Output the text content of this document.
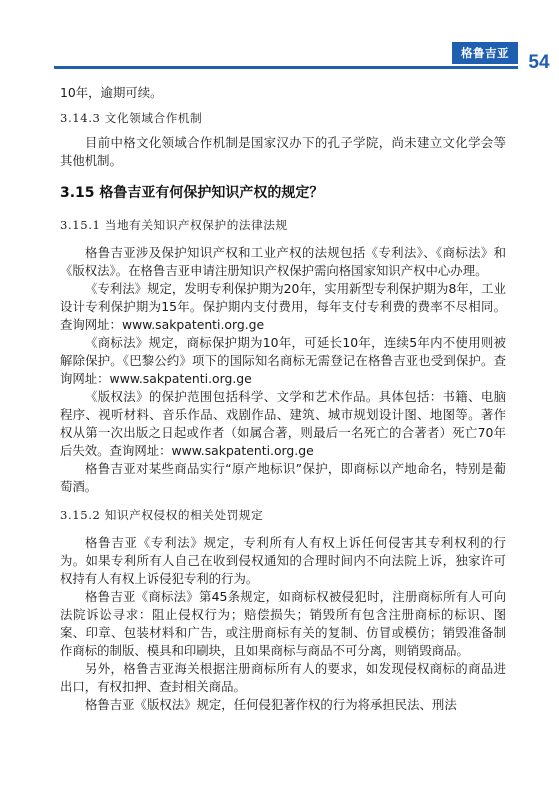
格鲁吉亚	54

10年，逾期可续。

3.14.3 文化领域合作机制

目前中格文化领域合作机制是国家汉办下的孔子学院，尚未建立文化学会等其他机制。

3.15 格鲁吉亚有何保护知识产权的规定？

3.15.1 当地有关知识产权保护的法律法规

格鲁吉亚涉及保护知识产权和工业产权的法规包括《专利法》、《商标法》和《版权法》。在格鲁吉亚申请注册知识产权保护需向格国家知识产权中心办理。

《专利法》规定，发明专利保护期为20年，实用新型专利保护期为8年，工业设计专利保护期为15年。保护期内支付费用，每年支付专利费的费率不尽相同。查询网址：www.sakpatenti.org.ge

《商标法》规定，商标保护期为10年，可延长10年，连续5年内不使用则被解除保护。《巴黎公约》项下的国际知名商标无需登记在格鲁吉亚也受到保护。查询网址：www.sakpatenti.org.ge

《版权法》的保护范围包括科学、文学和艺术作品。具体包括：书籍、电脑程序、视听材料、音乐作品、戏剧作品、建筑、城市规划设计图、地图等。著作权从第一次出版之日起或作者（如属合著，则最后一名死亡的合著者）死亡70年后失效。查询网址：www.sakpatenti.org.ge

格鲁吉亚对某些商品实行“原产地标识”保护，即商标以产地命名，特别是葡萄酒。

3.15.2 知识产权侵权的相关处罚规定

格鲁吉亚《专利法》规定，专利所有人有权上诉任何侵害其专利权利的行为。如果专利所有人自己在收到侵权通知的合理时间内不向法院上诉，独家许可权持有人有权上诉侵犯专利的行为。

格鲁吉亚《商标法》第45条规定，如商标权被侵犯时，注册商标所有人可向法院诉讼寻求：阻止侵权行为；赔偿损失；销毁所有包含注册商标的标识、图案、印章、包装材料和广告，或注册商标有关的复制、仿冒或模仿；销毁准备制作商标的制版、模具和印刷块，且如果商标与商品不可分离，则销毁商品。

另外，格鲁吉亚海关根据注册商标所有人的要求，如发现侵权商标的商品进出口，有权扣押、查封相关商品。

格鲁吉亚《版权法》规定，任何侵犯著作权的行为将承担民法、刑法
